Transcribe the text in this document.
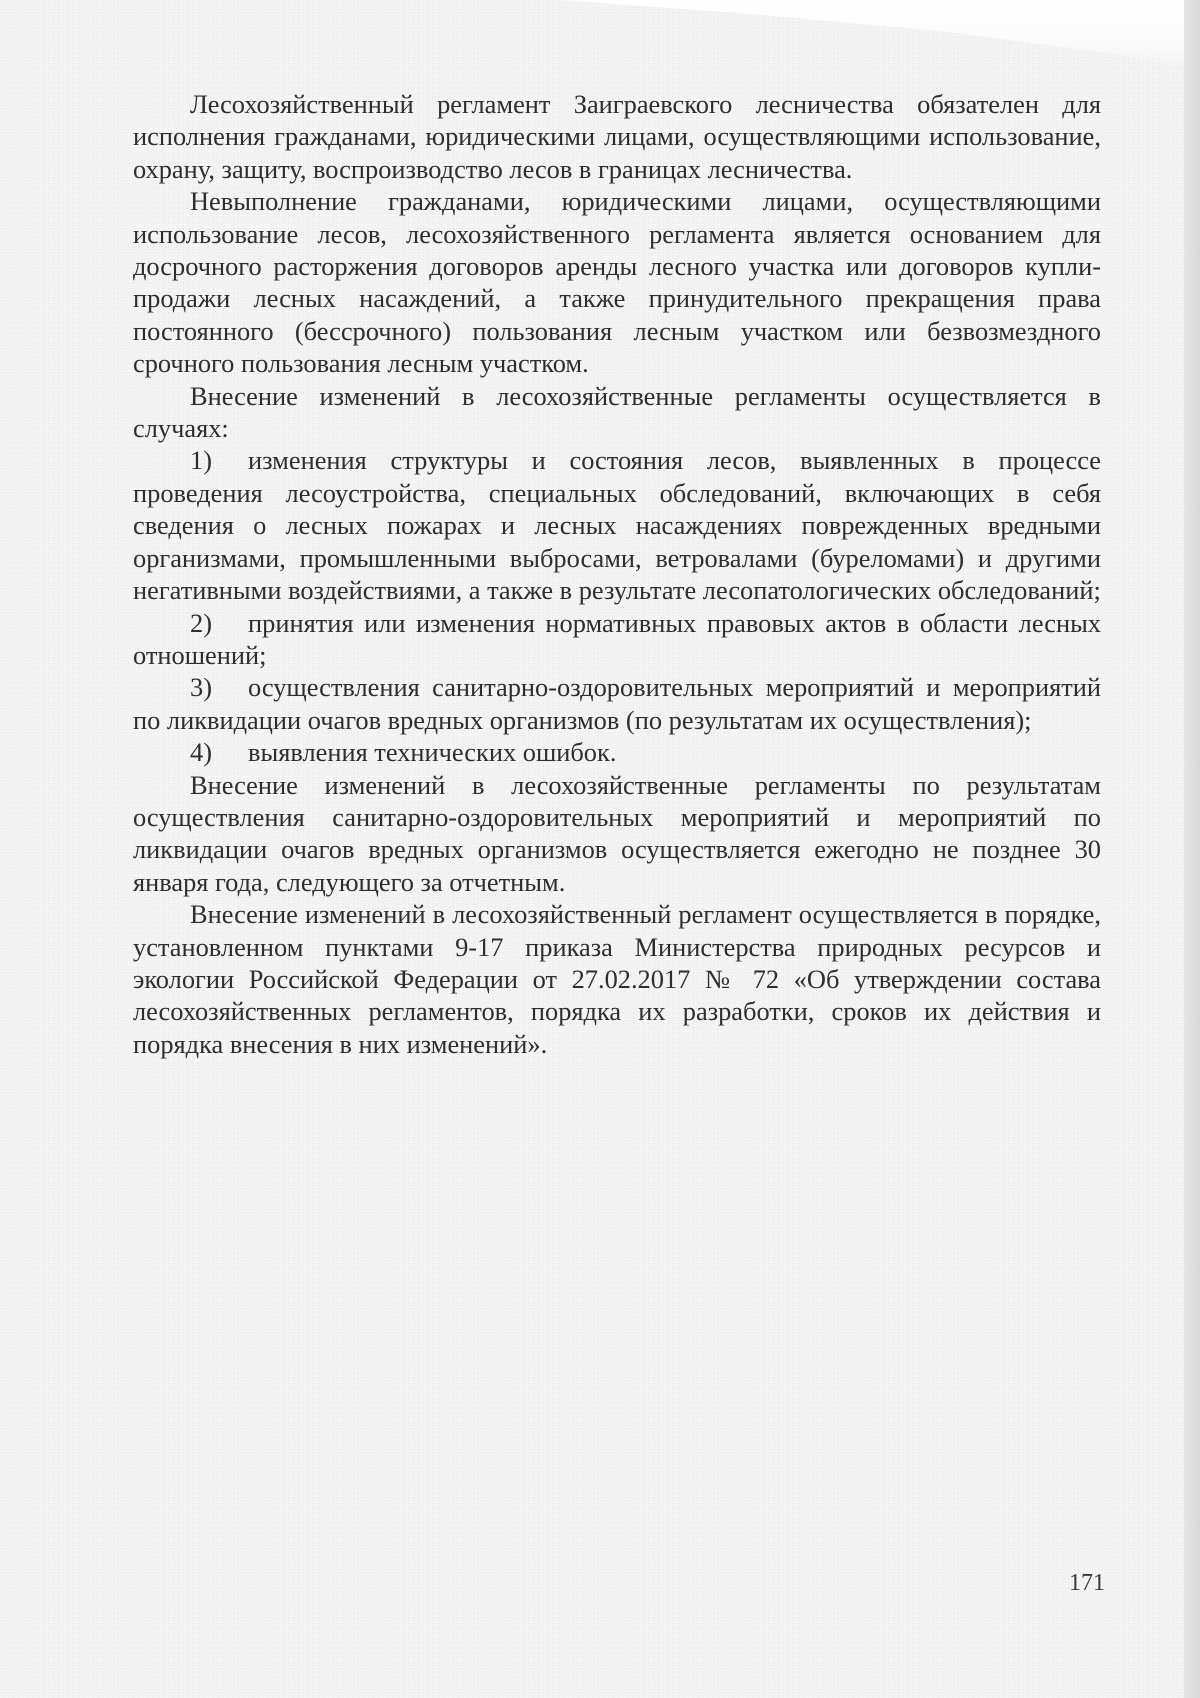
Лесохозяйственный регламент Заиграевского лесничества обязателен для исполнения гражданами, юридическими лицами, осуществляющими использование, охрану, защиту, воспроизводство лесов в границах лесничества.

Невыполнение гражданами, юридическими лицами, осуществляющими использование лесов, лесохозяйственного регламента является основанием для досрочного расторжения договоров аренды лесного участка или договоров купли-продажи лесных насаждений, а также принудительного прекращения права постоянного (бессрочного) пользования лесным участком или безвозмездного срочного пользования лесным участком.

Внесение изменений в лесохозяйственные регламенты осуществляется в случаях:

1) изменения структуры и состояния лесов, выявленных в процессе проведения лесоустройства, специальных обследований, включающих в себя сведения о лесных пожарах и лесных насаждениях поврежденных вредными организмами, промышленными выбросами, ветровалами (буреломами) и другими негативными воздействиями, а также в результате лесопатологических обследований;

2) принятия или изменения нормативных правовых актов в области лесных отношений;

3) осуществления санитарно-оздоровительных мероприятий и мероприятий по ликвидации очагов вредных организмов (по результатам их осуществления);

4) выявления технических ошибок.

Внесение изменений в лесохозяйственные регламенты по результатам осуществления санитарно-оздоровительных мероприятий и мероприятий по ликвидации очагов вредных организмов осуществляется ежегодно не позднее 30 января года, следующего за отчетным.

Внесение изменений в лесохозяйственный регламент осуществляется в порядке, установленном пунктами 9-17 приказа Министерства природных ресурсов и экологии Российской Федерации от 27.02.2017 № 72 «Об утверждении состава лесохозяйственных регламентов, порядка их разработки, сроков их действия и порядка внесения в них изменений».

171
